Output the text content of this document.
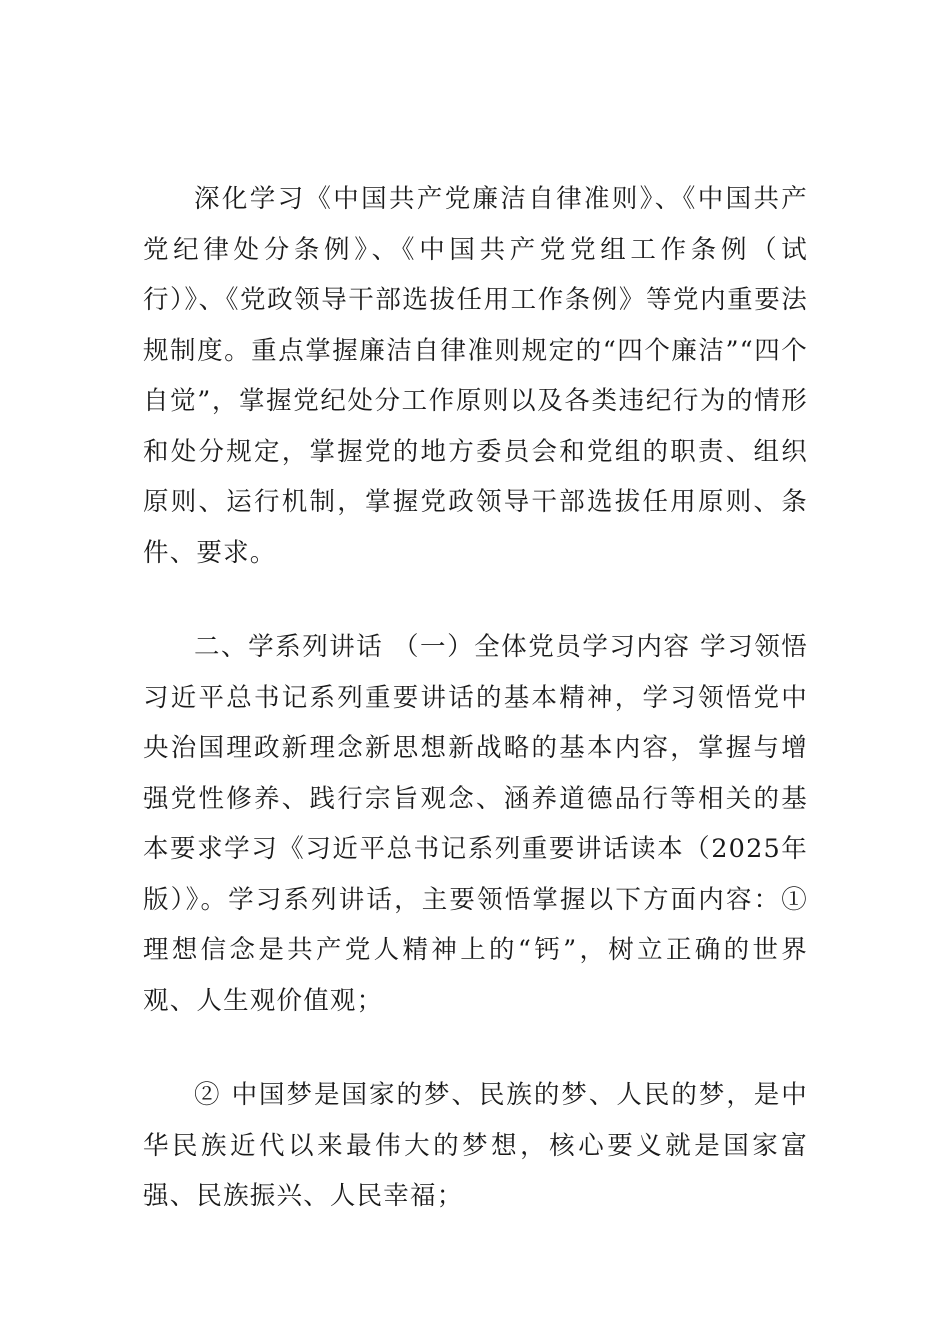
深化学习《中国共产党廉洁自律准则》、《中国共产党纪律处分条例》、《中国共产党党组工作条例（试行）》、《党政领导干部选拔任用工作条例》等党内重要法规制度。重点掌握廉洁自律准则规定的“四个廉洁”“四个自觉”，掌握党纪处分工作原则以及各类违纪行为的情形和处分规定，掌握党的地方委员会和党组的职责、组织原则、运行机制，掌握党政领导干部选拔任用原则、条件、要求。

二、学系列讲话 （一）全体党员学习内容 学习领悟习近平总书记系列重要讲话的基本精神，学习领悟党中央治国理政新理念新思想新战略的基本内容，掌握与增强党性修养、践行宗旨观念、涵养道德品行等相关的基本要求学习《习近平总书记系列重要讲话读本（2025年版）》。学习系列讲话，主要领悟掌握以下方面内容：①理想信念是共产党人精神上的“钙”，树立正确的世界观、人生观价值观；

② 中国梦是国家的梦、民族的梦、人民的梦，是中华民族近代以来最伟大的梦想，核心要义就是国家富强、民族振兴、人民幸福；
